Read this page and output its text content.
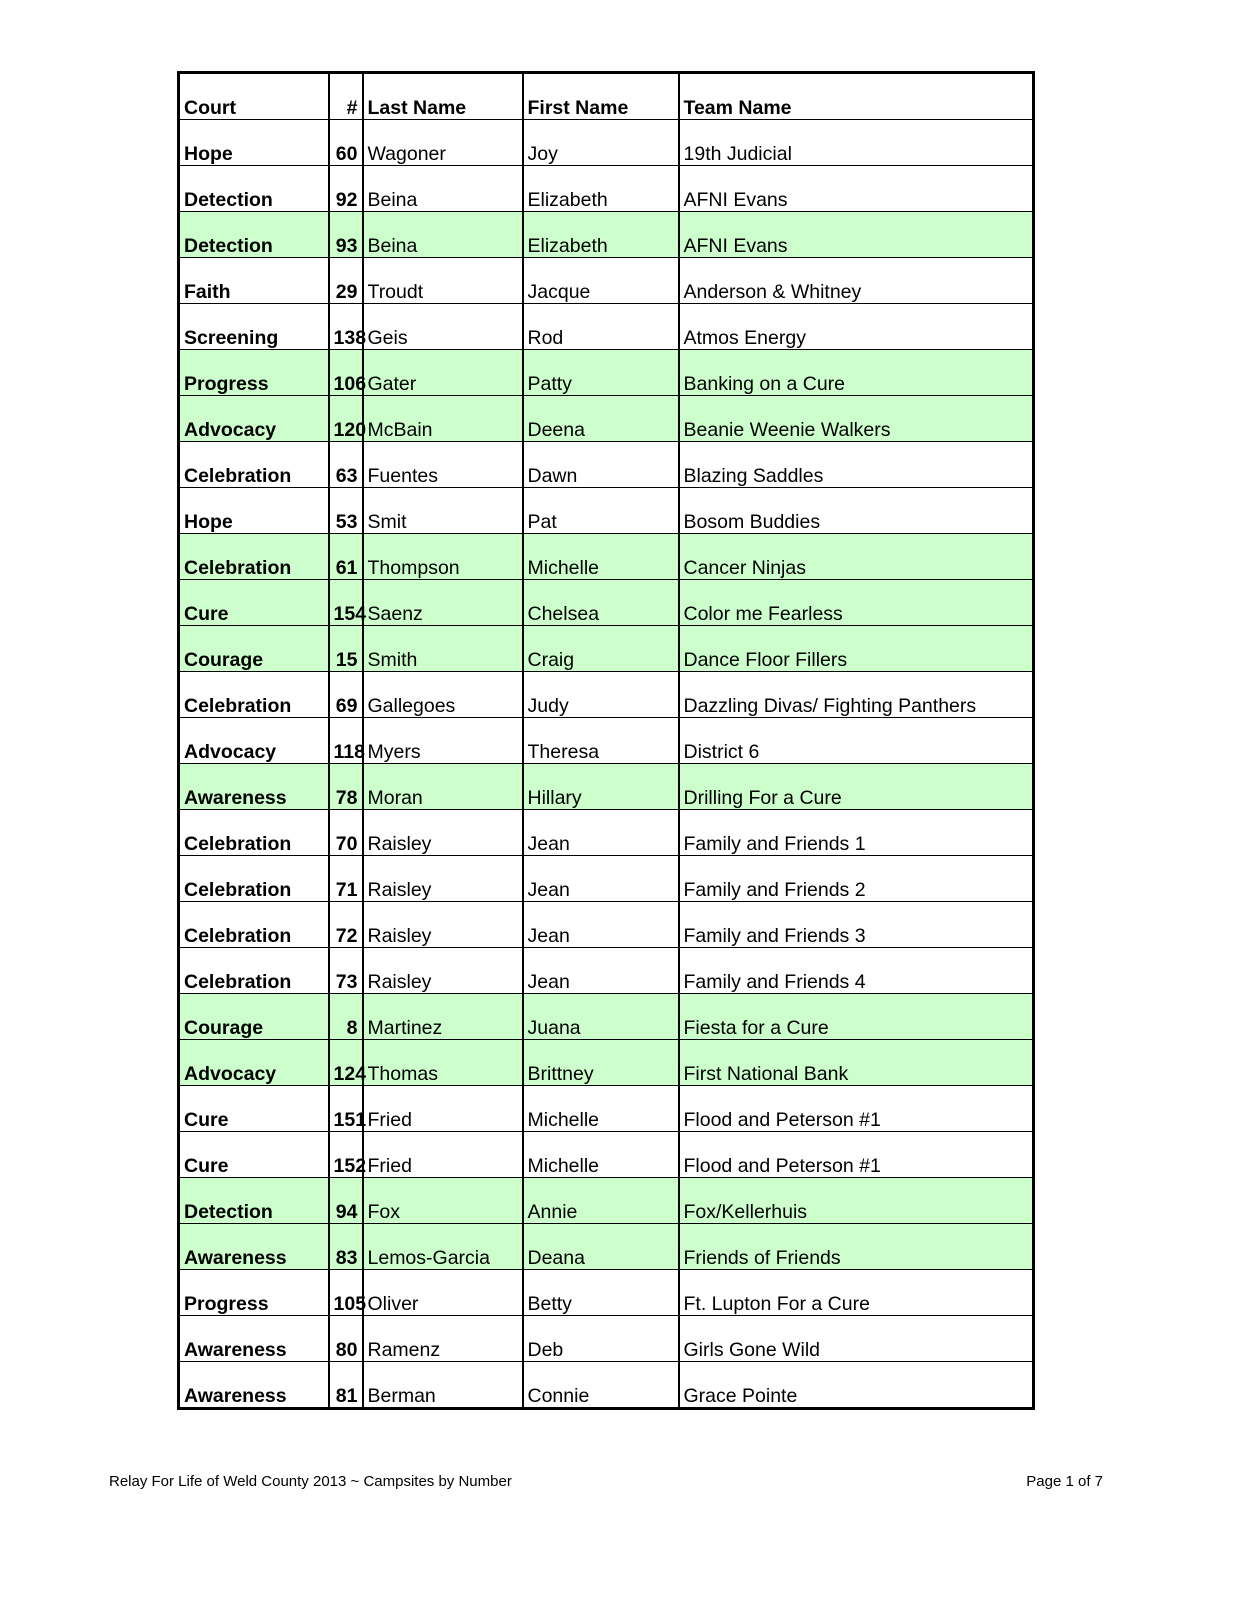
Court	#	Last Name	First Name	Team Name
Hope	60	Wagoner	Joy	19th Judicial
Detection	92	Beina	Elizabeth	AFNI Evans
Detection	93	Beina	Elizabeth	AFNI Evans
Faith	29	Troudt	Jacque	Anderson & Whitney
Screening	138	Geis	Rod	Atmos Energy
Progress	106	Gater	Patty	Banking on a Cure
Advocacy	120	McBain	Deena	Beanie Weenie Walkers
Celebration	63	Fuentes	Dawn	Blazing Saddles
Hope	53	Smit	Pat	Bosom Buddies
Celebration	61	Thompson	Michelle	Cancer Ninjas
Cure	154	Saenz	Chelsea	Color me Fearless
Courage	15	Smith	Craig	Dance Floor Fillers
Celebration	69	Gallegoes	Judy	Dazzling Divas/ Fighting Panthers
Advocacy	118	Myers	Theresa	District 6
Awareness	78	Moran	Hillary	Drilling For a Cure
Celebration	70	Raisley	Jean	Family and Friends 1
Celebration	71	Raisley	Jean	Family and Friends 2
Celebration	72	Raisley	Jean	Family and Friends 3
Celebration	73	Raisley	Jean	Family and Friends 4
Courage	8	Martinez	Juana	Fiesta for a Cure
Advocacy	124	Thomas	Brittney	First National Bank
Cure	151	Fried	Michelle	Flood and Peterson #1
Cure	152	Fried	Michelle	Flood and Peterson #1
Detection	94	Fox	Annie	Fox/Kellerhuis
Awareness	83	Lemos-Garcia	Deana	Friends of Friends
Progress	105	Oliver	Betty	Ft. Lupton For a Cure
Awareness	80	Ramenz	Deb	Girls Gone Wild
Awareness	81	Berman	Connie	Grace Pointe
Relay For Life of Weld County 2013 ~ Campsites by Number	Page 1 of 7
